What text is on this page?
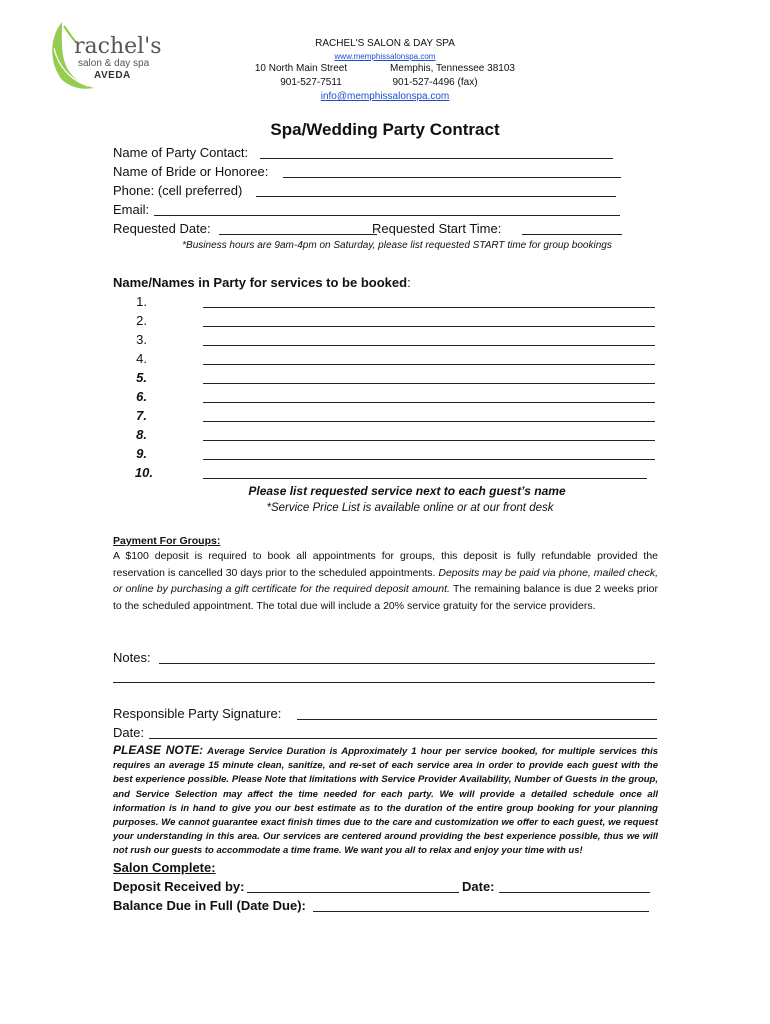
rachel's
salon & day spa
AVEDA
RACHEL'S SALON & DAY SPA
www.memphissalonspa.com
10 North Main Street	Memphis, Tennessee 38103
901-527-7511	901-527-4496 (fax)
info@memphissalonspa.com
Spa/Wedding Party Contract
Name of Party Contact:
Name of Bride or Honoree:
Phone: (cell preferred)
Email:
Requested Date:	Requested Start Time:
*Business hours are 9am-4pm on Saturday, please list requested START time for group bookings
Name/Names in Party for services to be booked:
1.
2.
3.
4.
5.
6.
7.
8.
9.
10.
Please list requested service next to each guest’s name
*Service Price List is available online or at our front desk
Payment For Groups:
A $100 deposit is required to book all appointments for groups, this deposit is fully refundable provided the reservation is cancelled 30 days prior to the scheduled appointments. Deposits may be paid via phone, mailed check, or online by purchasing a gift certificate for the required deposit amount. The remaining balance is due 2 weeks prior to the scheduled appointment. The total due will include a 20% service gratuity for the service providers.
Notes:
Responsible Party Signature:
Date:
PLEASE NOTE: Average Service Duration is Approximately 1 hour per service booked, for multiple services this requires an average 15 minute clean, sanitize, and re-set of each service area in order to provide each guest with the best experience possible. Please Note that limitations with Service Provider Availability, Number of Guests in the group, and Service Selection may affect the time needed for each party. We will provide a detailed schedule once all information is in hand to give you our best estimate as to the duration of the entire group booking for your planning purposes. We cannot guarantee exact finish times due to the care and customization we offer to each guest, we request your understanding in this area. Our services are centered around providing the best experience possible, thus we will not rush our guests to accommodate a time frame. We want you all to relax and enjoy your time with us!
Salon Complete:
Deposit Received by:	Date:
Balance Due in Full (Date Due):
